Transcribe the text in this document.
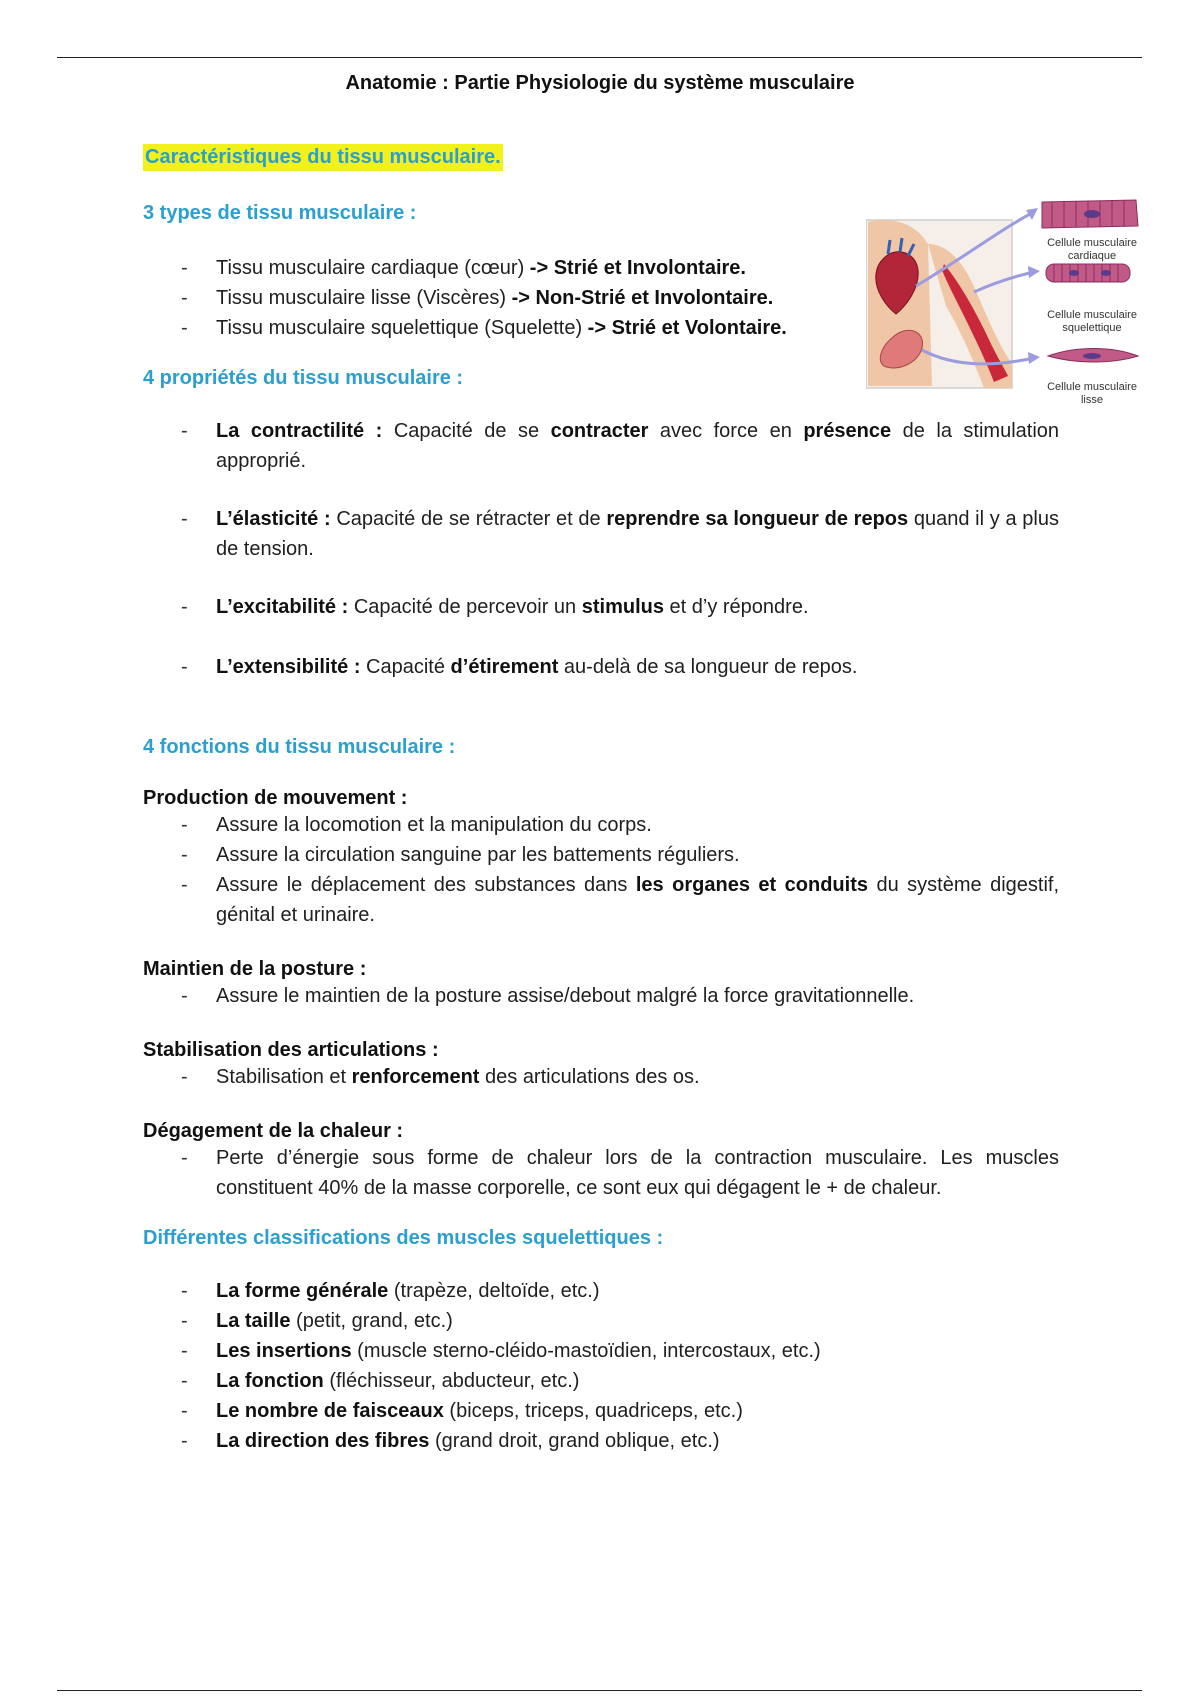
Anatomie : Partie Physiologie du système musculaire
Cellule musculaire
cardiaque
Cellule musculaire
squelettique
Cellule musculaire
lisse
Caractéristiques du tissu musculaire.
3 types de tissu musculaire :
- Tissu musculaire cardiaque (cœur) -> Strié et Involontaire.
- Tissu musculaire lisse (Viscères) -> Non-Strié et Involontaire.
- Tissu musculaire squelettique (Squelette) -> Strié et Volontaire.
4 propriétés du tissu musculaire :
- La contractilité : Capacité de se contracter avec force en présence de la stimulation approprié.
- L’élasticité : Capacité de se rétracter et de reprendre sa longueur de repos quand il y a plus de tension.
- L’excitabilité : Capacité de percevoir un stimulus et d’y répondre.
- L’extensibilité : Capacité d’étirement au-delà de sa longueur de repos.
4 fonctions du tissu musculaire :
Production de mouvement :
- Assure la locomotion et la manipulation du corps.
- Assure la circulation sanguine par les battements réguliers.
- Assure le déplacement des substances dans les organes et conduits du système digestif, génital et urinaire.
Maintien de la posture :
- Assure le maintien de la posture assise/debout malgré la force gravitationnelle.
Stabilisation des articulations :
- Stabilisation et renforcement des articulations des os.
Dégagement de la chaleur :
- Perte d’énergie sous forme de chaleur lors de la contraction musculaire. Les muscles constituent 40% de la masse corporelle, ce sont eux qui dégagent le + de chaleur.
Différentes classifications des muscles squelettiques :
- La forme générale (trapèze, deltoïde, etc.)
- La taille (petit, grand, etc.)
- Les insertions (muscle sterno-cléido-mastoïdien, intercostaux, etc.)
- La fonction (fléchisseur, abducteur, etc.)
- Le nombre de faisceaux (biceps, triceps, quadriceps, etc.)
- La direction des fibres (grand droit, grand oblique, etc.)
